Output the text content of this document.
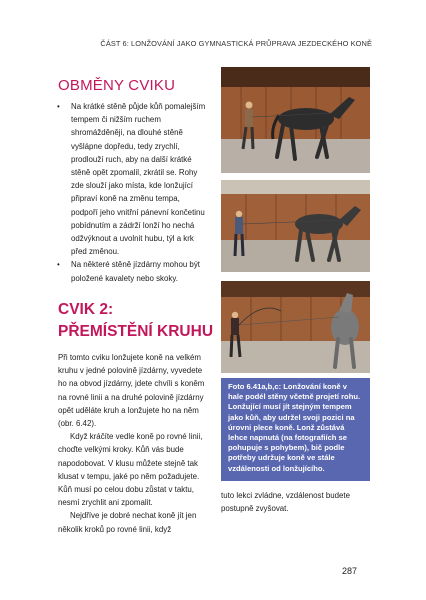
ČÁST 6: LONŽOVÁNÍ JAKO GYMNASTICKÁ PRŮPRAVA JEZDECKÉHO KONĚ
OBMĚNY CVIKU
• Na krátké stěně půjde kůň pomalejším tempem či nižším ruchem shromážděněji, na dlouhé stěně vyšlápne dopředu, tedy zrychlí, prodlouží ruch, aby na další krátké stěně opět zpomalil, zkrátil se. Rohy zde slouží jako místa, kde lonžující připraví koně na změnu tempa, podpoří jeho vnitřní pánevní končetinu pobídnutím a zádrží lonží ho nechá odžvýknout a uvolnit hubu, týl a krk před změnou.
• Na některé stěně jízdárny mohou být položené kavalety nebo skoky.
CVIK 2:
PŘEMÍSTĚNÍ KRUHU

Při tomto cviku lonžujete koně na velkém kruhu v jedné polovině jízdárny, vyvedete ho na obvod jízdárny, jdete chvíli s koněm na rovné linii a na druhé polovině jízdárny opět uděláte kruh a lonžujete ho na něm (obr. 6.42).

Když kráčíte vedle koně po rovné linii, choďte velkými kroky. Kůň vás bude napodobovat. V klusu můžete stejně tak klusat v tempu, jaké po něm požadujete. Kůň musí po celou dobu zůstat v taktu, nesmí zrychlit ani zpomalit.

Nejdříve je dobré nechat koně jít jen několik kroků po rovné linii, když

Foto 6.41a,b,c: Lonžování koně v hale podél stěny včetně projetí rohu. Lonžující musí jít stejným tempem jako kůň, aby udržel svoji pozici na úrovni plece koně. Lonž zůstává lehce napnutá (na fotografiích se pohupuje s pohybem), bič podle potřeby udržuje koně ve stále vzdálenosti od lonžujícího.
tuto lekci zvládne, vzdálenost budete postupně zvyšovat.
287
